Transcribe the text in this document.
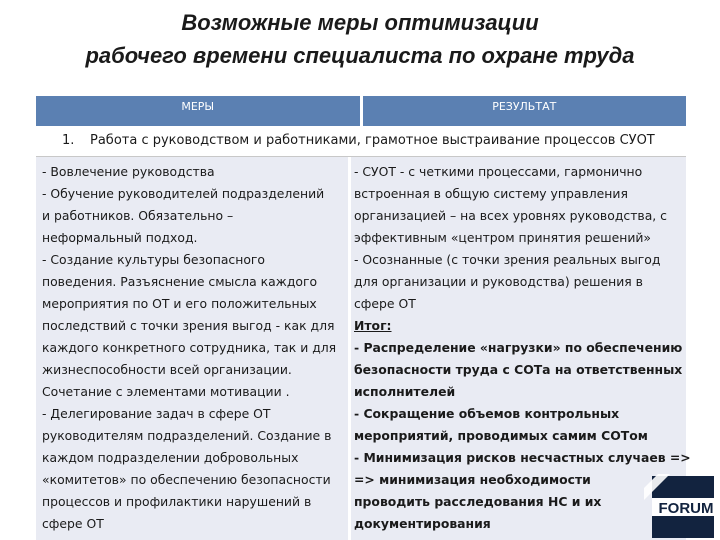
Возможные меры оптимизации
рабочего времени специалиста по охране труда
МЕРЫ	РЕЗУЛЬТАТ
1. Работа с руководством и работниками, грамотное выстраивание процессов СУОТ
- Вовлечение руководства
- Обучение руководителей подразделений
и работников. Обязательно –
неформальный подход.
- Создание культуры безопасного
поведения. Разъяснение смысла каждого
мероприятия по ОТ и его положительных
последствий с точки зрения выгод - как для
каждого конкретного сотрудника, так и для
жизнеспособности всей организации.
Сочетание с элементами мотивации .
- Делегирование задач в сфере ОТ
руководителям подразделений. Создание в
каждом подразделении добровольных
«комитетов» по обеспечению безопасности
процессов и профилактики нарушений в
сфере ОТ
- СУОТ - с четкими процессами, гармонично
встроенная в общую систему управления
организацией – на всех уровнях руководства, с
эффективным «центром принятия решений»
- Осознанные (с точки зрения реальных выгод
для организации и руководства) решения в
сфере ОТ
Итог:
- Распределение «нагрузки» по обеспечению
безопасности труда с СОТа на ответственных
исполнителей
- Сокращение объемов контрольных
мероприятий, проводимых самим СОТом
- Минимизация рисков несчастных случаев =>
=> минимизация необходимости
проводить расследования НС и их
документирования
FORUM
